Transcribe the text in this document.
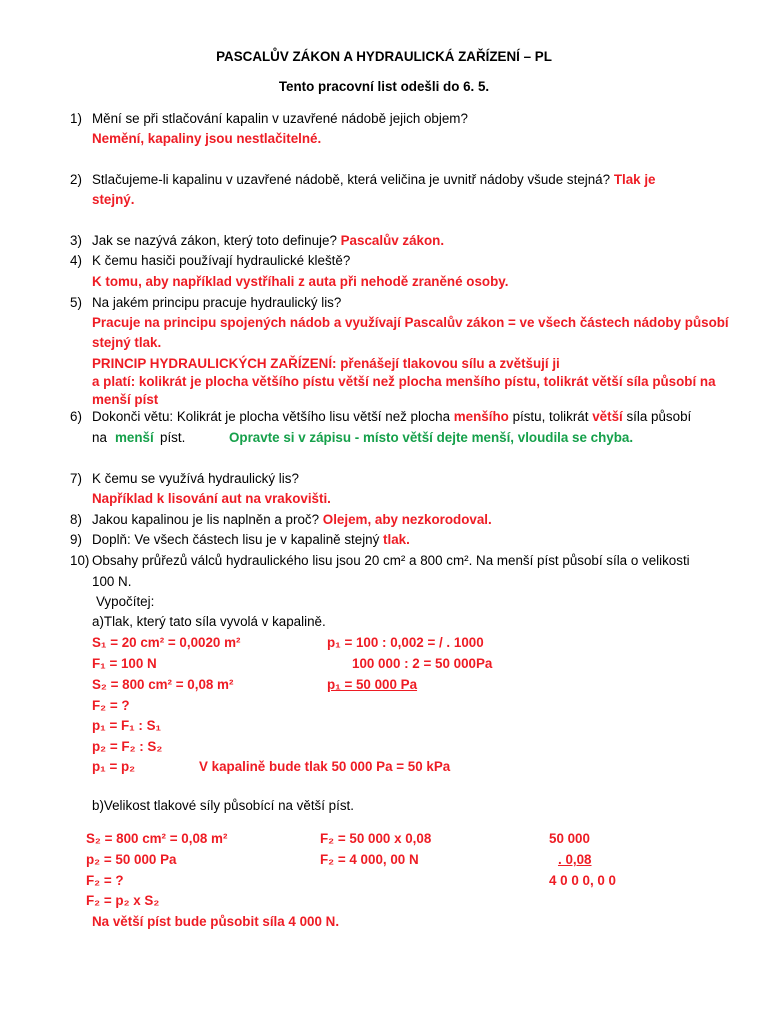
PASCALŮV ZÁKON A HYDRAULICKÁ ZAŘÍZENÍ – PL
Tento pracovní list odešli do 6. 5.
1) Mění se při stlačování kapalin v uzavřené nádobě jejich objem?
Nemění, kapaliny jsou nestlačitelné.
2) Stlačujeme-li kapalinu v uzavřené nádobě, která veličina je uvnitř nádoby všude stejná? Tlak je
stejný.
3) Jak se nazývá zákon, který toto definuje? Pascalův zákon.
4) K čemu hasiči používají hydraulické kleště?
K tomu, aby například vystříhali z auta při nehodě zraněné osoby.
5) Na jakém principu pracuje hydraulický lis?
Pracuje na principu spojených nádob a využívají Pascalův zákon = ve všech částech nádoby působí
stejný tlak.
PRINCIP HYDRAULICKÝCH ZAŘÍZENÍ: přenášejí tlakovou sílu a zvětšují ji
a platí: kolikrát je plocha většího pístu větší než plocha menšího pístu, tolikrát větší síla působí na
menší píst
6) Dokonči větu: Kolikrát je plocha většího lisu větší než plocha menšího pístu, tolikrát větší síla působí
na menší píst.	Opravte si v zápisu - místo větší dejte menší, vloudila se chyba.
7) K čemu se využívá hydraulický lis?
Například k lisování aut na vrakovišti.
8) Jakou kapalinou je lis naplněn a proč? Olejem, aby nezkorodoval.
9) Doplň: Ve všech částech lisu je v kapalině stejný tlak.
10) Obsahy průřezů válců hydraulického lisu jsou 20 cm² a 800 cm². Na menší píst působí síla o velikosti
100 N.
Vypočítej:
a)Tlak, který tato síla vyvolá v kapalině.
S₁ = 20 cm² = 0,0020 m²
F₁ = 100 N
S₂ = 800 cm² = 0,08 m²
F₂ = ?
p₁ = F₁ : S₁
p₂ = F₂ : S₂
p₁ = p₂
p₁ = 100 : 0,002 = / . 1000
100 000 : 2 = 50 000Pa
p₁ = 50 000 Pa
V kapalině bude tlak 50 000 Pa = 50 kPa
b)Velikost tlakové síly působící na větší píst.
S₂ = 800 cm² = 0,08 m²
p₂ = 50 000 Pa
F₂ = ?
F₂ = p₂ x S₂
F₂ = 50 000 x 0,08
F₂ = 4 000, 00 N
50 000
. 0,08
4 0 0 0, 0 0
Na větší píst bude působit síla 4 000 N.
